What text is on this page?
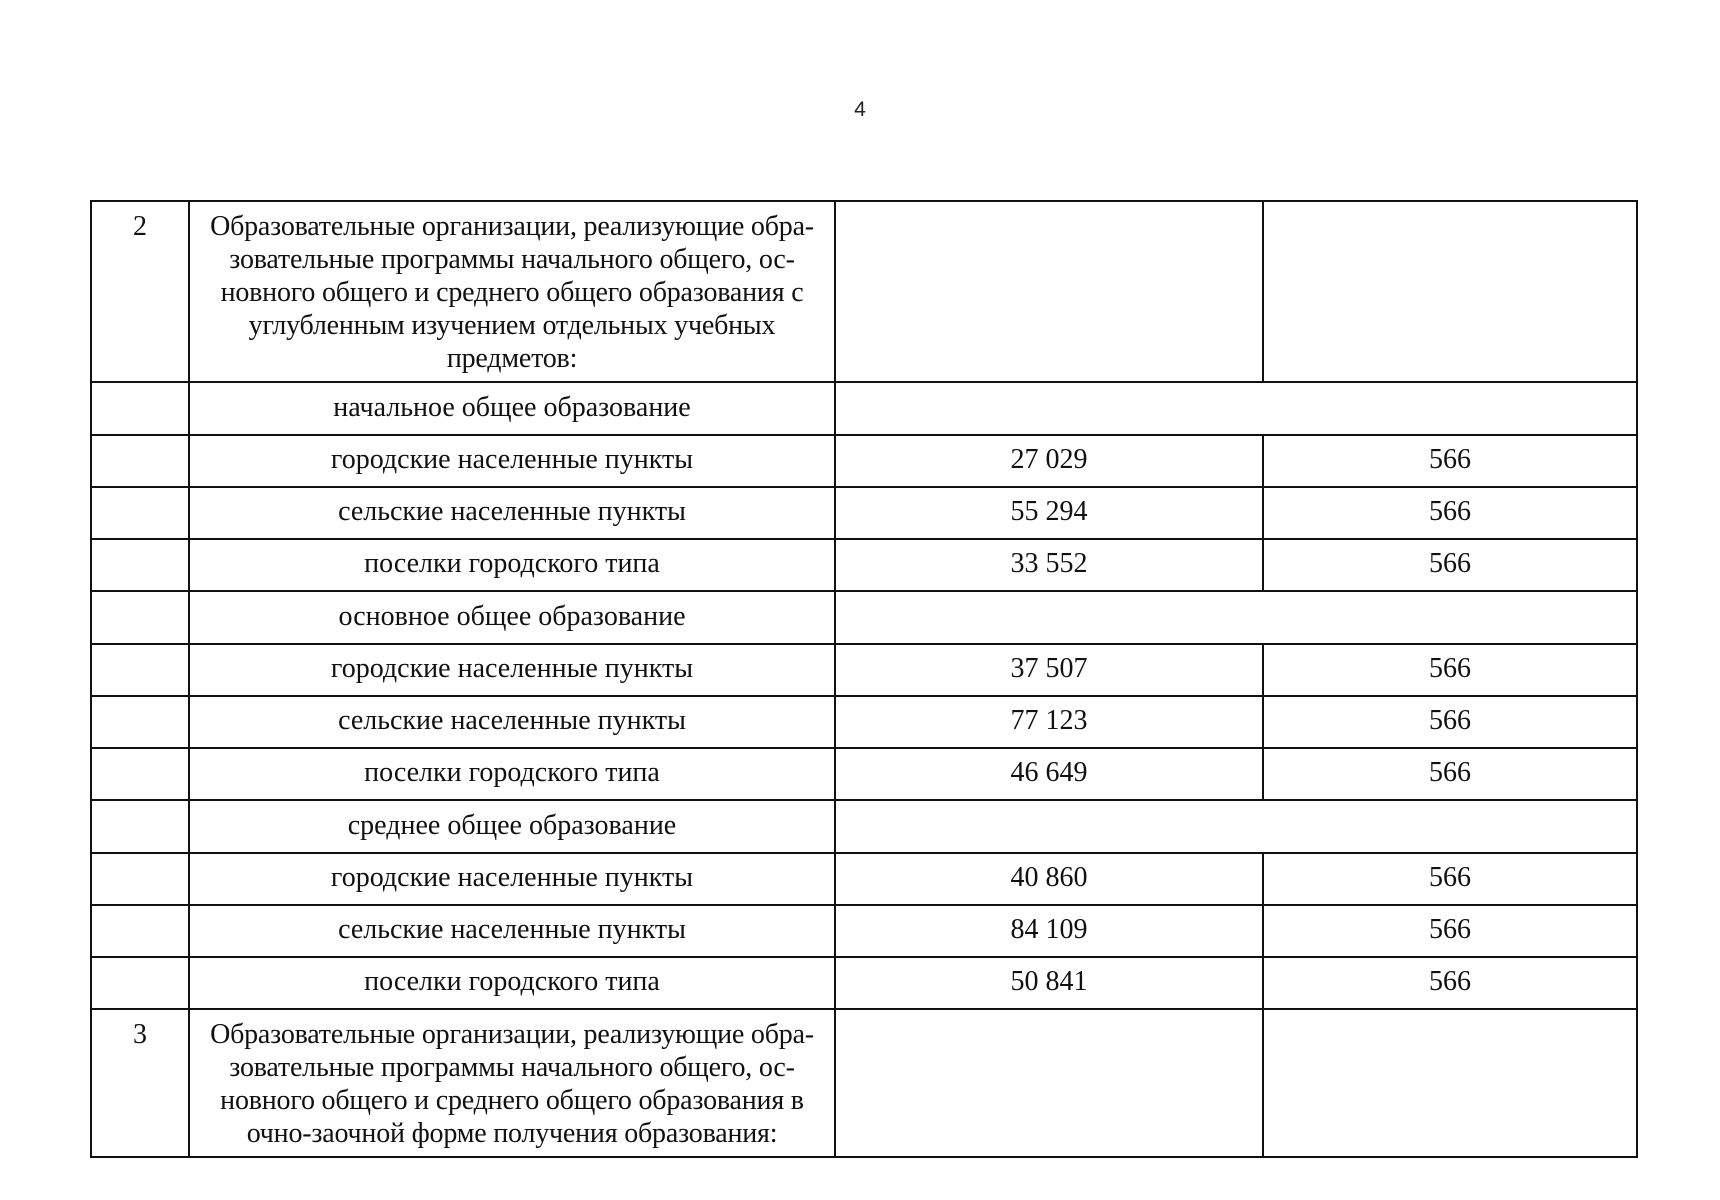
4
2	Образовательные организации, реализующие обра-зовательные программы начального общего, ос-новного общего и среднего общего образования с углубленным изучением отдельных учебных предметов:		
	начальное общее образование		
	городские населенные пункты	27 029	566
	сельские населенные пункты	55 294	566
	поселки городского типа	33 552	566
	основное общее образование		
	городские населенные пункты	37 507	566
	сельские населенные пункты	77 123	566
	поселки городского типа	46 649	566
	среднее общее образование		
	городские населенные пункты	40 860	566
	сельские населенные пункты	84 109	566
	поселки городского типа	50 841	566
3	Образовательные организации, реализующие обра-зовательные программы начального общего, ос-новного общего и среднего общего образования в очно-заочной форме получения образования:		
